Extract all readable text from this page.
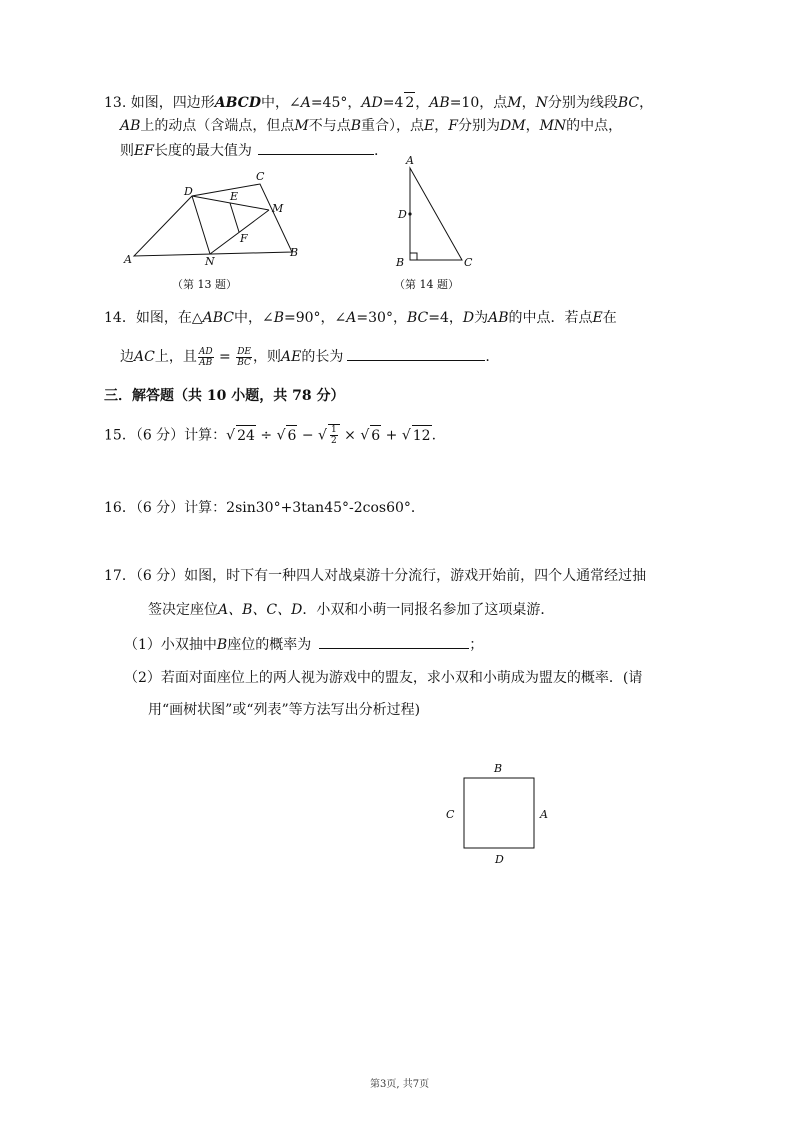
13. 如图，四边形ABCD中，∠A=45°，AD=4 2，AB=10，点M，N分别为线段BC，
AB上的动点（含端点，但点M不与点B重合），点E，F分别为DM，MN的中点，
则EF长度的最大值为	.
A
B
C
D	E
F
M
N
A
B	C
D
（第 13 题）	（第 14 题）
14．如图，在△ABC中，∠B=90°，∠A=30°，BC=4，D为AB的中点．若点E在
边AC上，且 $\frac{AD}{AB} = \frac{DE}{BC}$ ，则AE的长为	.
三．解答题（共 10 小题，共 78 分）
15．（6 分）计算：√ 24 ÷ √ 6 − √ $\frac{1}{2}$ × √ 6 + √ 12.
16．（6 分）计算：2sin30°+3tan45°-2cos60°．
17．（6 分）如图，时下有一种四人对战桌游十分流行，游戏开始前，四个人通常经过抽
签决定座位A、B、C、D．小双和小萌一同报名参加了这项桌游．
（1）小双抽中B座位的概率为	；
（2）若面对面座位上的两人视为游戏中的盟友，求小双和小萌成为盟友的概率．(请
用“画树状图”或“列表”等方法写出分析过程)
B
A
C
D
第3页, 共7页
